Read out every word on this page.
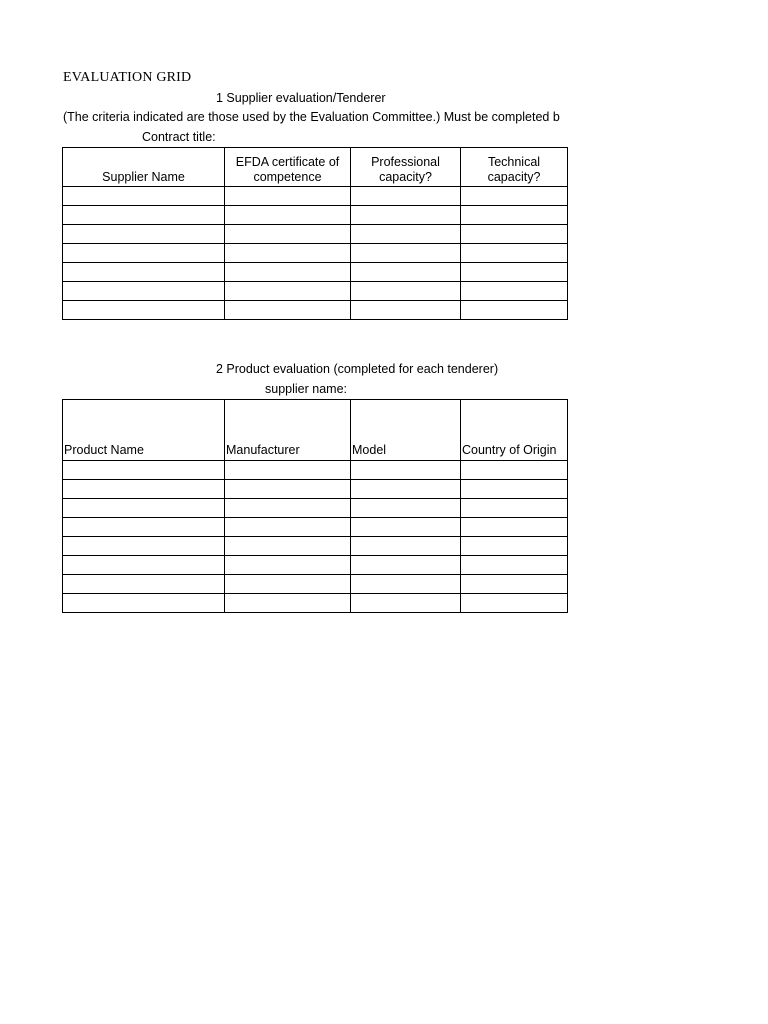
EVALUATION GRID
1 Supplier evaluation/Tenderer
(The criteria indicated are those used by the Evaluation Committee.) Must be completed b
Contract title:
Supplier Name	EFDA certificate of competence	Professional capacity?	Technical capacity?

2 Product evaluation (completed for each tenderer)
supplier name:
Product Name	Manufacturer	Model	Country of Origin
